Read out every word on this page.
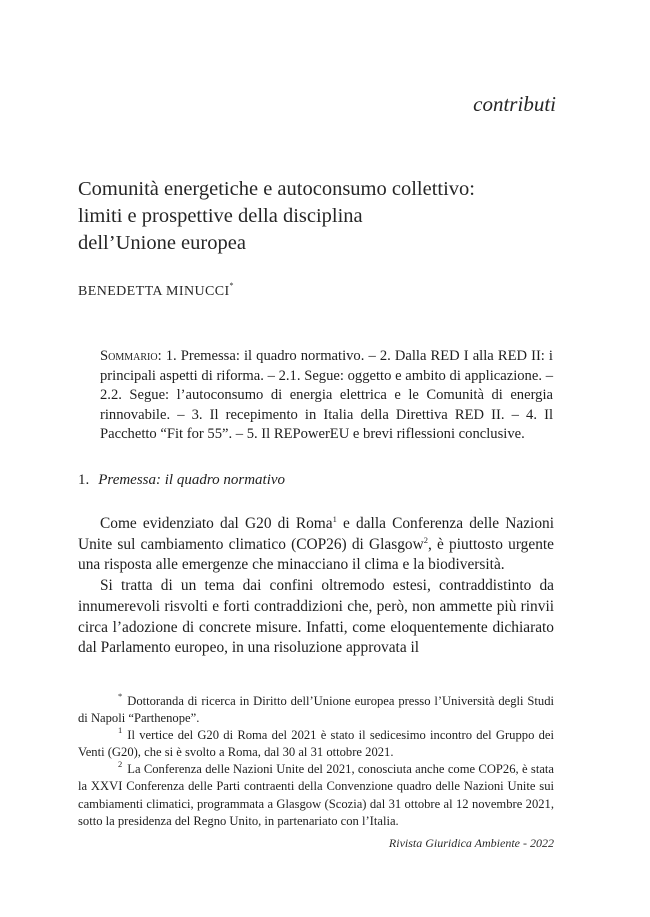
contributi
Comunità energetiche e autoconsumo collettivo:
limiti e prospettive della disciplina
dell’Unione europea
BENEDETTA MINUCCI*
Sommario: 1. Premessa: il quadro normativo. – 2. Dalla RED I alla RED II: i principali aspetti di riforma. – 2.1. Segue: oggetto e ambito di applicazione. – 2.2. Segue: l’autoconsumo di energia elettrica e le Comunità di energia rinnovabile. – 3. Il recepimento in Italia della Direttiva RED II. – 4. Il Pacchetto “Fit for 55”. – 5. Il REPowerEU e brevi riflessioni conclusive.
1. Premessa: il quadro normativo

Come evidenziato dal G20 di Roma$^1$ e dalla Conferenza delle Nazioni Unite sul cambiamento climatico (COP26) di Glasgow$^2$, è piuttosto urgente una risposta alle emergenze che minacciano il clima e la biodiversità.

Si tratta di un tema dai confini oltremodo estesi, contraddistinto da innumerevoli risvolti e forti contraddizioni che, però, non ammette più rinvii circa l’adozione di concrete misure. Infatti, come eloquentemente dichiarato dal Parlamento europeo, in una risoluzione approvata il

* Dottoranda di ricerca in Diritto dell’Unione europea presso l’Università degli Studi di Napoli “Parthenope”.

$^1$ Il vertice del G20 di Roma del 2021 è stato il sedicesimo incontro del Gruppo dei Venti (G20), che si è svolto a Roma, dal 30 al 31 ottobre 2021.

$^2$ La Conferenza delle Nazioni Unite del 2021, conosciuta anche come COP26, è stata la XXVI Conferenza delle Parti contraenti della Convenzione quadro delle Nazioni Unite sui cambiamenti climatici, programmata a Glasgow (Scozia) dal 31 ottobre al 12 novembre 2021, sotto la presidenza del Regno Unito, in partenariato con l’Italia.

Rivista Giuridica Ambiente - 2022
